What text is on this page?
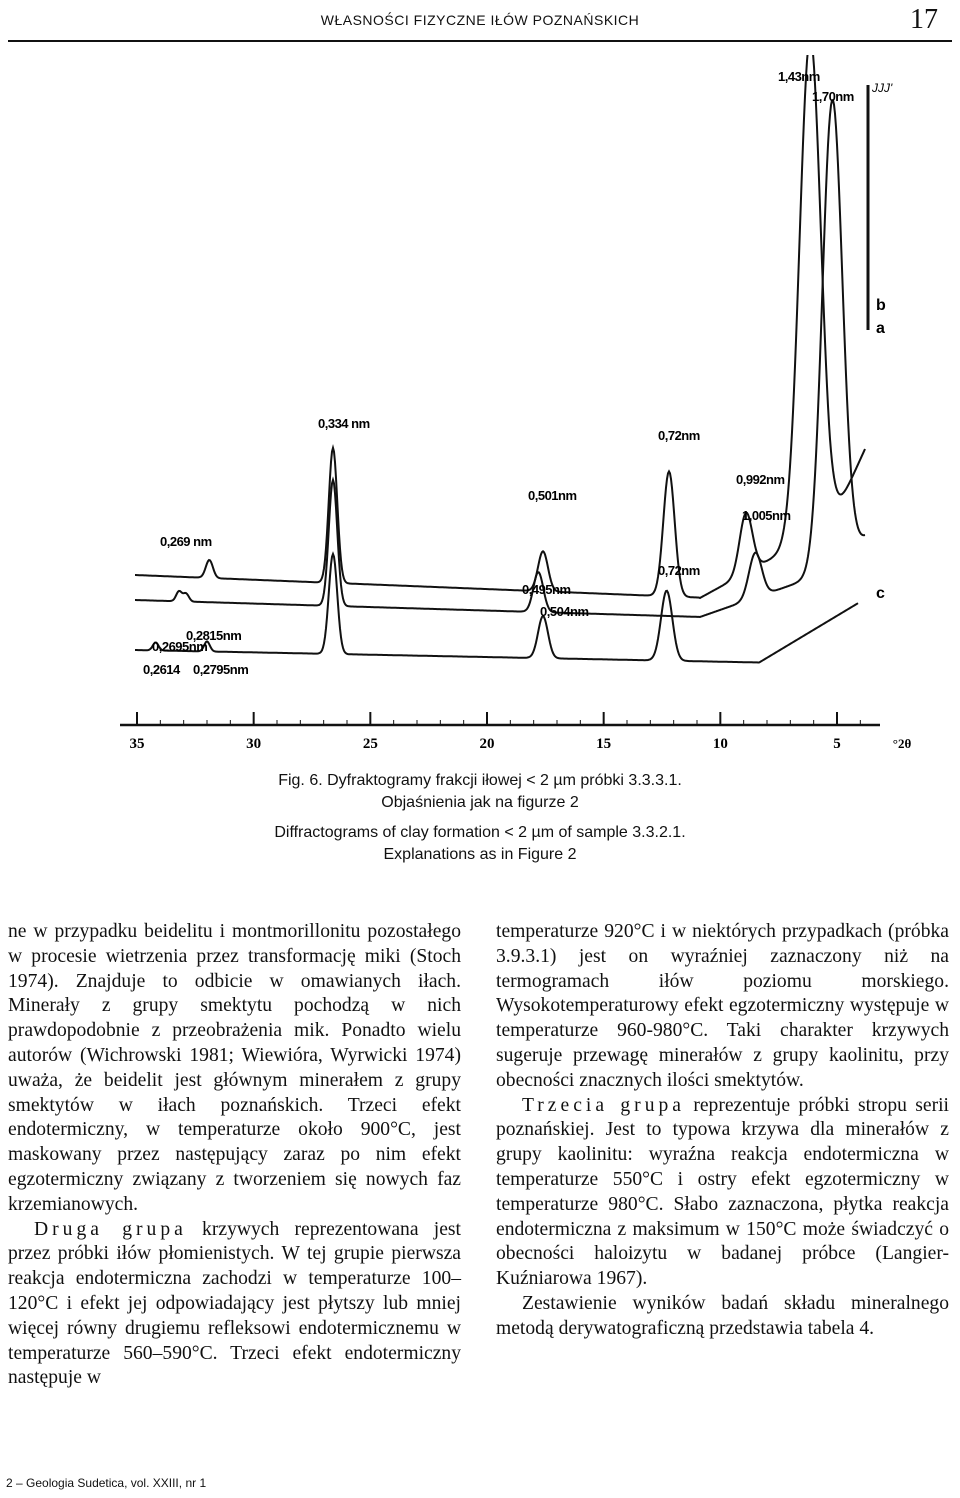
WŁASNOŚCI FIZYCZNE IŁÓW POZNAŃSKICH	17
35	30	25	20	15	10	5	°2θ
0,2815nm
0,334 nm
0,501nm
0,72nm
0,992nm
1,43nm
0,269 nm
0,2695nm
0,495nm
1,005nm
1,70nm
0,2614 0,2795nm
0,504nm
0,72nm
a
b
c
JJJ'
Fig. 6. Dyfraktogramy frakcji iłowej < 2 µm próbki 3.3.3.1.
Objaśnienia jak na figurze 2
Diffractograms of clay formation < 2 µm of sample 3.3.2.1.
Explanations as in Figure 2

ne w przypadku beidelitu i montmorillonitu pozostałego w procesie wietrzenia przez transformację miki (Stoch 1974). Znajduje to odbicie w omawianych iłach. Minerały z grupy smektytu pochodzą w nich prawdopodobnie z przeobrażenia mik. Ponadto wielu autorów (Wichrowski 1981; Wiewióra, Wyrwicki 1974) uważa, że beidelit jest głównym minerałem z grupy smektytów w iłach poznańskich. Trzeci efekt endotermiczny, w temperaturze około 900°C, jest maskowany przez następujący zaraz po nim efekt egzotermiczny związany z tworzeniem się nowych faz krzemianowych.

Druga grupa krzywych reprezentowana jest przez próbki iłów płomienistych. W tej grupie pierwsza reakcja endotermiczna zachodzi w temperaturze 100–120°C i efekt jej odpowiadający jest płytszy lub mniej więcej równy drugiemu refleksowi endotermicznemu w temperaturze 560–590°C. Trzeci efekt endotermiczny następuje w

temperaturze 920°C i w niektórych przypadkach (próbka 3.9.3.1) jest on wyraźniej zaznaczony niż na termogramach iłów poziomu morskiego. Wysokotemperaturowy efekt egzotermiczny występuje w temperaturze 960-980°C. Taki charakter krzywych sugeruje przewagę minerałów z grupy kaolinitu, przy obecności znacznych ilości smektytów.

Trzecia grupa reprezentuje próbki stropu serii poznańskiej. Jest to typowa krzywa dla minerałów z grupy kaolinitu: wyraźna reakcja endotermiczna w temperaturze 550°C i ostry efekt egzotermiczny w temperaturze 980°C. Słabo zaznaczona, płytka reakcja endotermiczna z maksimum w 150°C może świadczyć o obecności haloizytu w badanej próbce (Langier-Kuźniarowa 1967).

Zestawienie wyników badań składu mineralnego metodą derywatograficzną przedstawia tabela 4.

2 – Geologia Sudetica, vol. XXIII, nr 1
